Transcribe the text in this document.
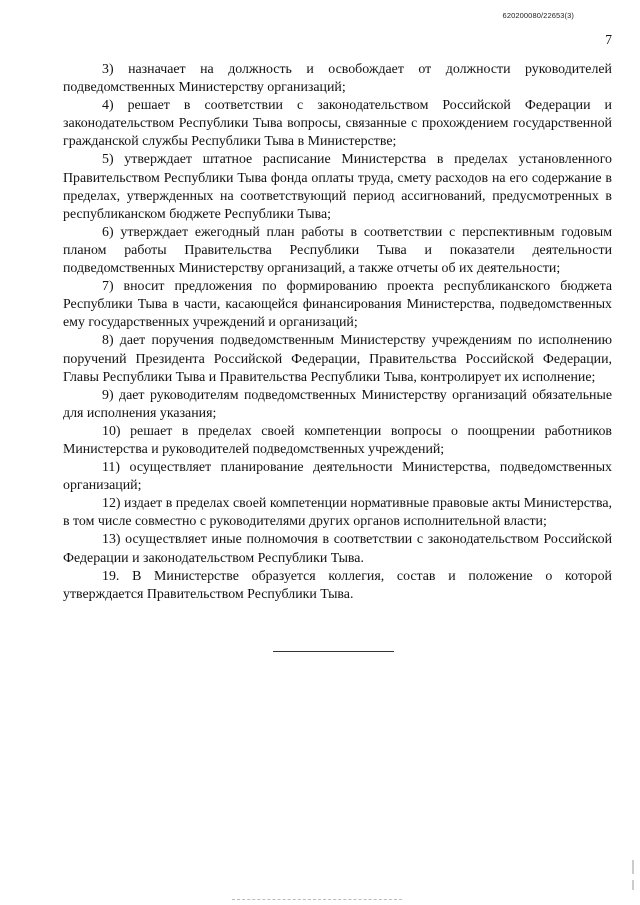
620200080/22653(3)
7

3) назначает на должность и освобождает от должности руководителей подведомственных Министерству организаций;

4) решает в соответствии с законодательством Российской Федерации и законодательством Республики Тыва вопросы, связанные с прохождением государственной гражданской службы Республики Тыва в Министерстве;

5) утверждает штатное расписание Министерства в пределах установленного Правительством Республики Тыва фонда оплаты труда, смету расходов на его содержание в пределах, утвержденных на соответствующий период ассигнований, предусмотренных в республиканском бюджете Республики Тыва;

6) утверждает ежегодный план работы в соответствии с перспективным годовым планом работы Правительства Республики Тыва и показатели деятельности подведомственных Министерству организаций, а также отчеты об их деятельности;

7) вносит предложения по формированию проекта республиканского бюджета Республики Тыва в части, касающейся финансирования Министерства, подведомственных ему государственных учреждений и организаций;

8) дает поручения подведомственным Министерству учреждениям по исполнению поручений Президента Российской Федерации, Правительства Российской Федерации, Главы Республики Тыва и Правительства Республики Тыва, контролирует их исполнение;

9) дает руководителям подведомственных Министерству организаций обязательные для исполнения указания;

10) решает в пределах своей компетенции вопросы о поощрении работников Министерства и руководителей подведомственных учреждений;

11) осуществляет планирование деятельности Министерства, подведомственных организаций;

12) издает в пределах своей компетенции нормативные правовые акты Министерства, в том числе совместно с руководителями других органов исполнительной власти;

13) осуществляет иные полномочия в соответствии с законодательством Российской Федерации и законодательством Республики Тыва.

19. В Министерстве образуется коллегия, состав и положение о которой утверждается Правительством Республики Тыва.
